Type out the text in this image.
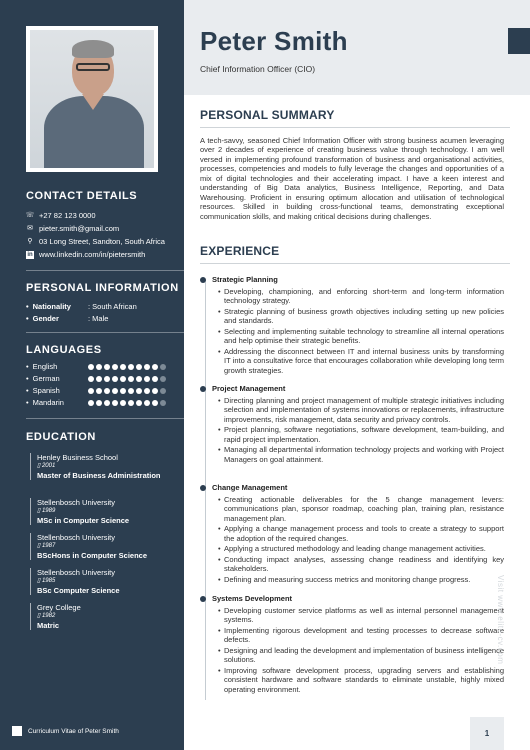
CONTACT DETAILS
☏ +27 82 123 0000
✉ pieter.smith@gmail.com
⚲ 03 Long Street, Sandton, South Africa
in www.linkedin.com/in/pietersmith
PERSONAL INFORMATION
• Nationality	: South African
• Gender	: Male
LANGUAGES
• English
• German
• Spanish
• Mandarin
EDUCATION
Henley Business School
▯ 2001
Master of Business Administration
Stellenbosch University
▯ 1989
MSc in Computer Science
Stellenbosch University
▯ 1987
BScHons in Computer Science
Stellenbosch University
▯ 1985
BSc Computer Science
Grey College
▯ 1982
Matric
Curriculum Vitae of Peter Smith
Peter Smith
Chief Information Officer (CIO)
PERSONAL SUMMARY
A tech-savvy, seasoned Chief Information Officer with strong business acumen leveraging over 2 decades of experience of creating business value through technology. I am well versed in implementing profound transformation of business and organisational activities, processes, competencies and models to fully leverage the changes and opportunities of a mix of digital technologies and their accelerating impact. I have a keen interest and understanding of Big Data analytics, Business Intelligence, Reporting, and Data Warehousing. Proficient in ensuring optimum allocation and utilisation of technological resources. Skilled in building cross-functional teams, demonstrating exceptional communication skills, and making critical decisions during challenges.
EXPERIENCE
Strategic Planning
• Developing, championing, and enforcing short-term and long-term information technology strategy.
• Strategic planning of business growth objectives including setting up new policies and standards.
• Selecting and implementing suitable technology to streamline all internal operations and help optimise their strategic benefits.
• Addressing the disconnect between IT and internal business units by transforming IT into a consultative force that encourages collaboration while developing long term growth strategies.
Project Management
• Directing planning and project management of multiple strategic initiatives including selection and implementation of systems innovations or replacements, infrastructure improvements, risk management, data security and privacy controls.
• Project planning, software negotiations, software development, team-building, and rapid project implementation.
• Managing all departmental information technology projects and working with Project Managers on goal attainment.
Change Management
• Creating actionable deliverables for the 5 change management levers: communications plan, sponsor roadmap, coaching plan, training plan, resistance management plan.
• Applying a change management process and tools to create a strategy to support the adoption of the required changes.
• Applying a structured methodology and leading change management activities.
• Conducting impact analyses, assessing change readiness and identifying key stakeholders.
• Defining and measuring success metrics and monitoring change progress.
Systems Development
• Developing customer service platforms as well as internal personnel management systems.
• Implementing rigorous development and testing processes to decrease software defects.
• Designing and leading the development and implementation of business intelligence solutions.
• Improving software development process, upgrading servers and establishing consistent hardware and software standards to eliminate unstable, highly mixed operating environment.
Visit www.elite-cv.com
1
